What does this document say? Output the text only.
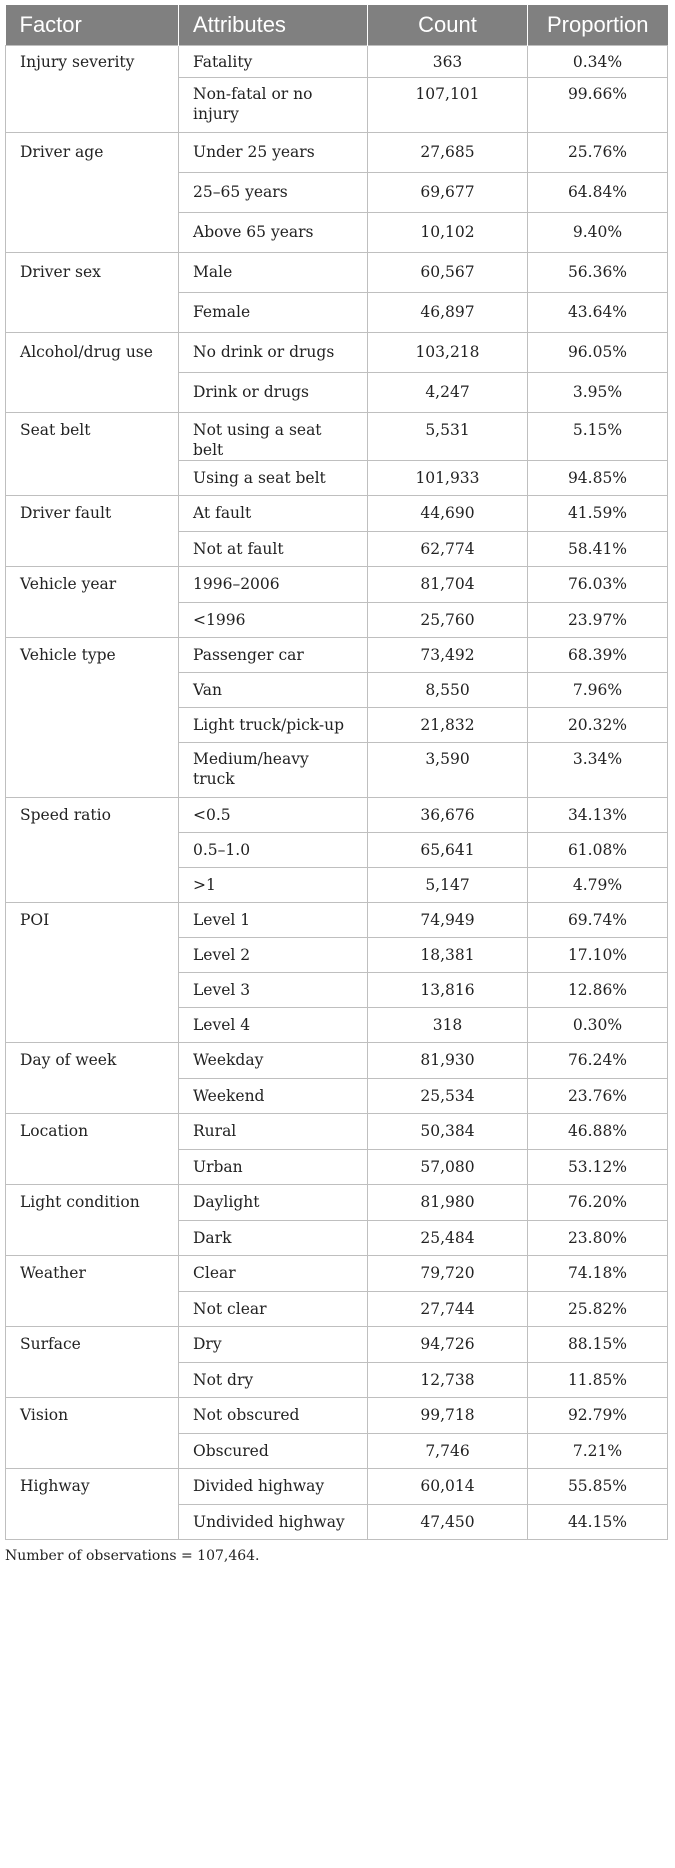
Factor	Attributes	Count	Proportion
Injury severity	Fatality	363	0.34%
	Non-fatal or no injury	107,101	99.66%
Driver age	Under 25 years	27,685	25.76%
	25–65 years	69,677	64.84%
	Above 65 years	10,102	9.40%
Driver sex	Male	60,567	56.36%
	Female	46,897	43.64%
Alcohol/drug use	No drink or drugs	103,218	96.05%
	Drink or drugs	4,247	3.95%
Seat belt	Not using a seat belt	5,531	5.15%
	Using a seat belt	101,933	94.85%
Driver fault	At fault	44,690	41.59%
	Not at fault	62,774	58.41%
Vehicle year	1996–2006	81,704	76.03%
	<1996	25,760	23.97%
Vehicle type	Passenger car	73,492	68.39%
	Van	8,550	7.96%
	Light truck/pick-up	21,832	20.32%
	Medium/heavy truck	3,590	3.34%
Speed ratio	<0.5	36,676	34.13%
	0.5–1.0	65,641	61.08%
	>1	5,147	4.79%
POI	Level 1	74,949	69.74%
	Level 2	18,381	17.10%
	Level 3	13,816	12.86%
	Level 4	318	0.30%
Day of week	Weekday	81,930	76.24%
	Weekend	25,534	23.76%
Location	Rural	50,384	46.88%
	Urban	57,080	53.12%
Light condition	Daylight	81,980	76.20%
	Dark	25,484	23.80%
Weather	Clear	79,720	74.18%
	Not clear	27,744	25.82%
Surface	Dry	94,726	88.15%
	Not dry	12,738	11.85%
Vision	Not obscured	99,718	92.79%
	Obscured	7,746	7.21%
Highway	Divided highway	60,014	55.85%
	Undivided highway	47,450	44.15%
Number of observations = 107,464.
